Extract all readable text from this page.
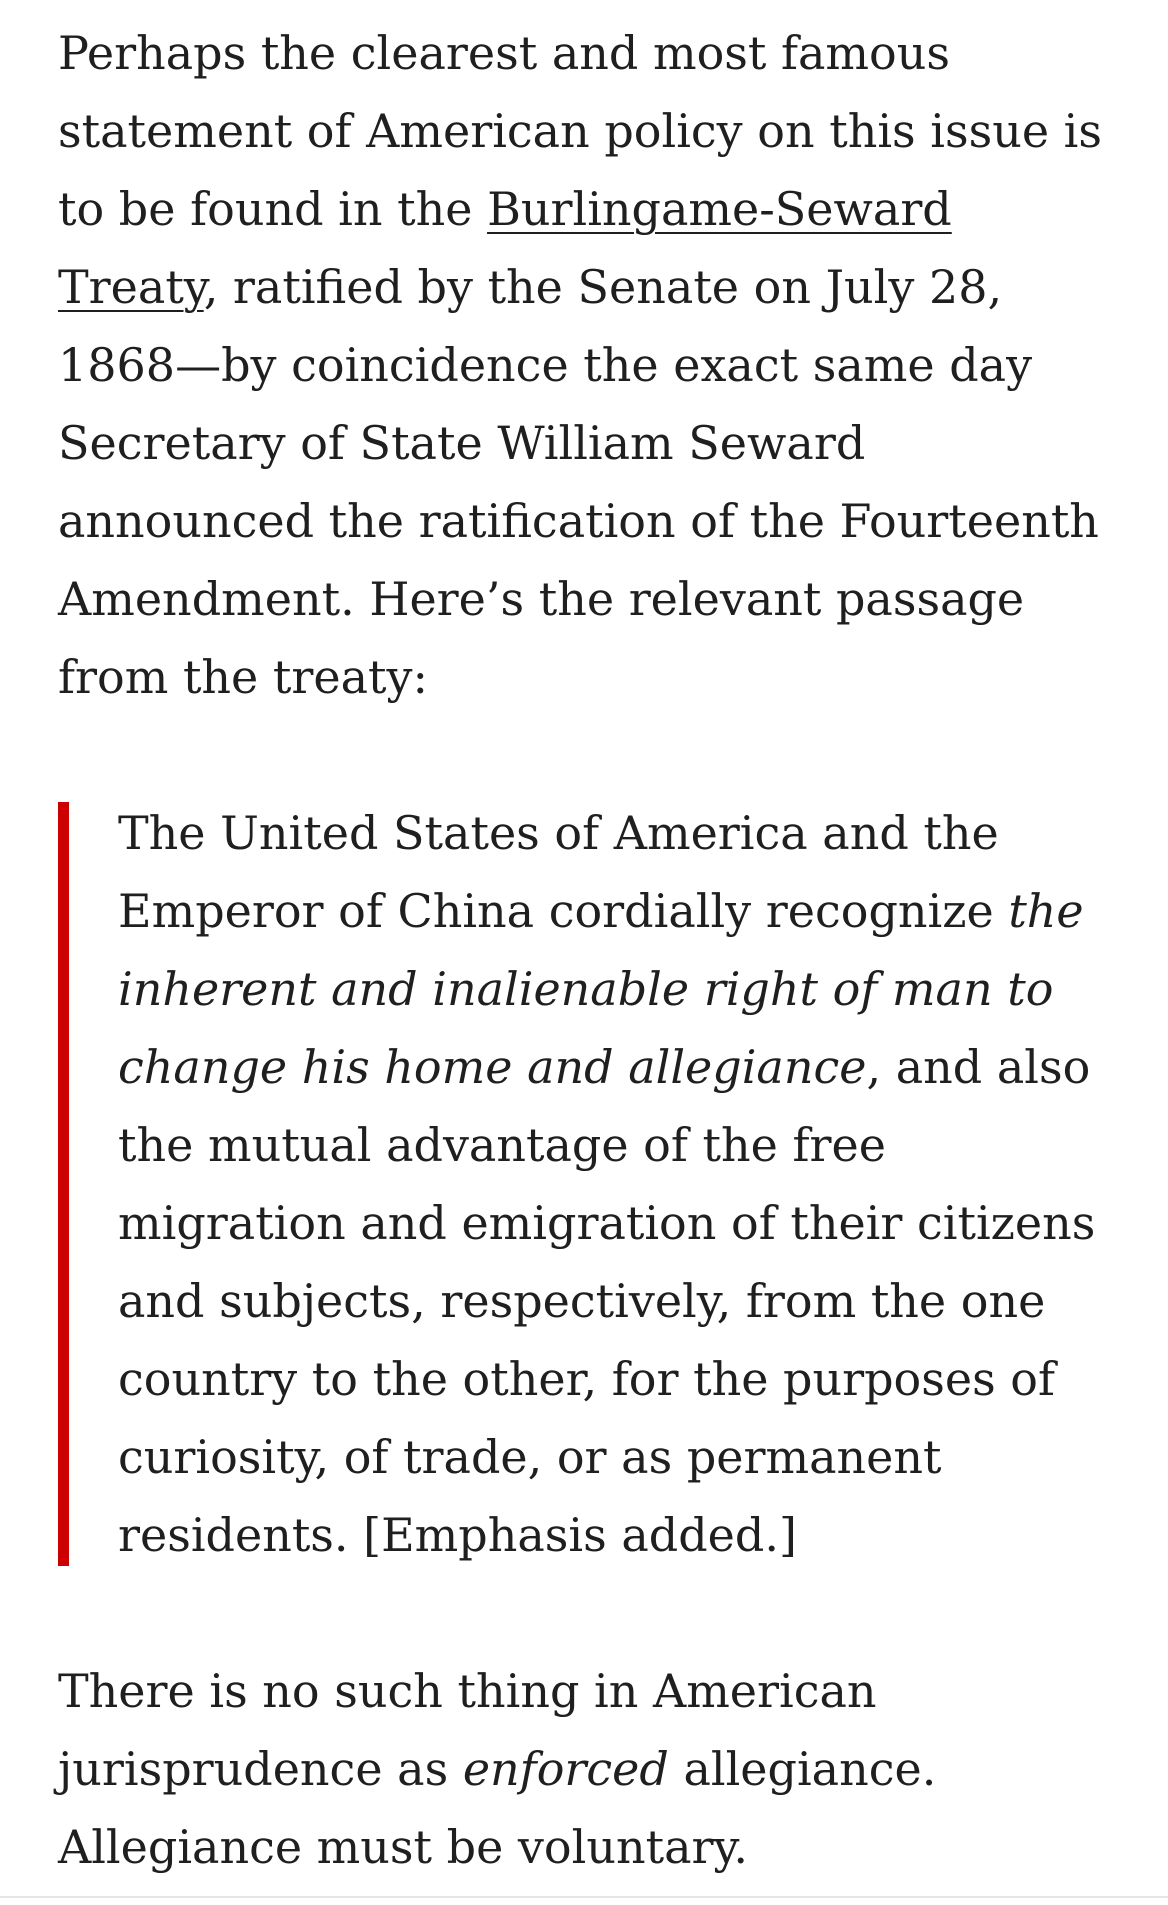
Perhaps the clearest and most famous statement of American policy on this issue is to be found in the Burlingame-Seward Treaty, ratified by the Senate on July 28, 1868—by coincidence the exact same day Secretary of State William Seward announced the ratification of the Fourteenth Amendment. Here’s the relevant passage from the treaty:

The United States of America and the Emperor of China cordially recognize the inherent and inalienable right of man to change his home and allegiance, and also the mutual advantage of the free migration and emigration of their citizens and subjects, respectively, from the one country to the other, for the purposes of curiosity, of trade, or as permanent residents. [Emphasis added.]

There is no such thing in American jurisprudence as enforced allegiance. Allegiance must be voluntary.
